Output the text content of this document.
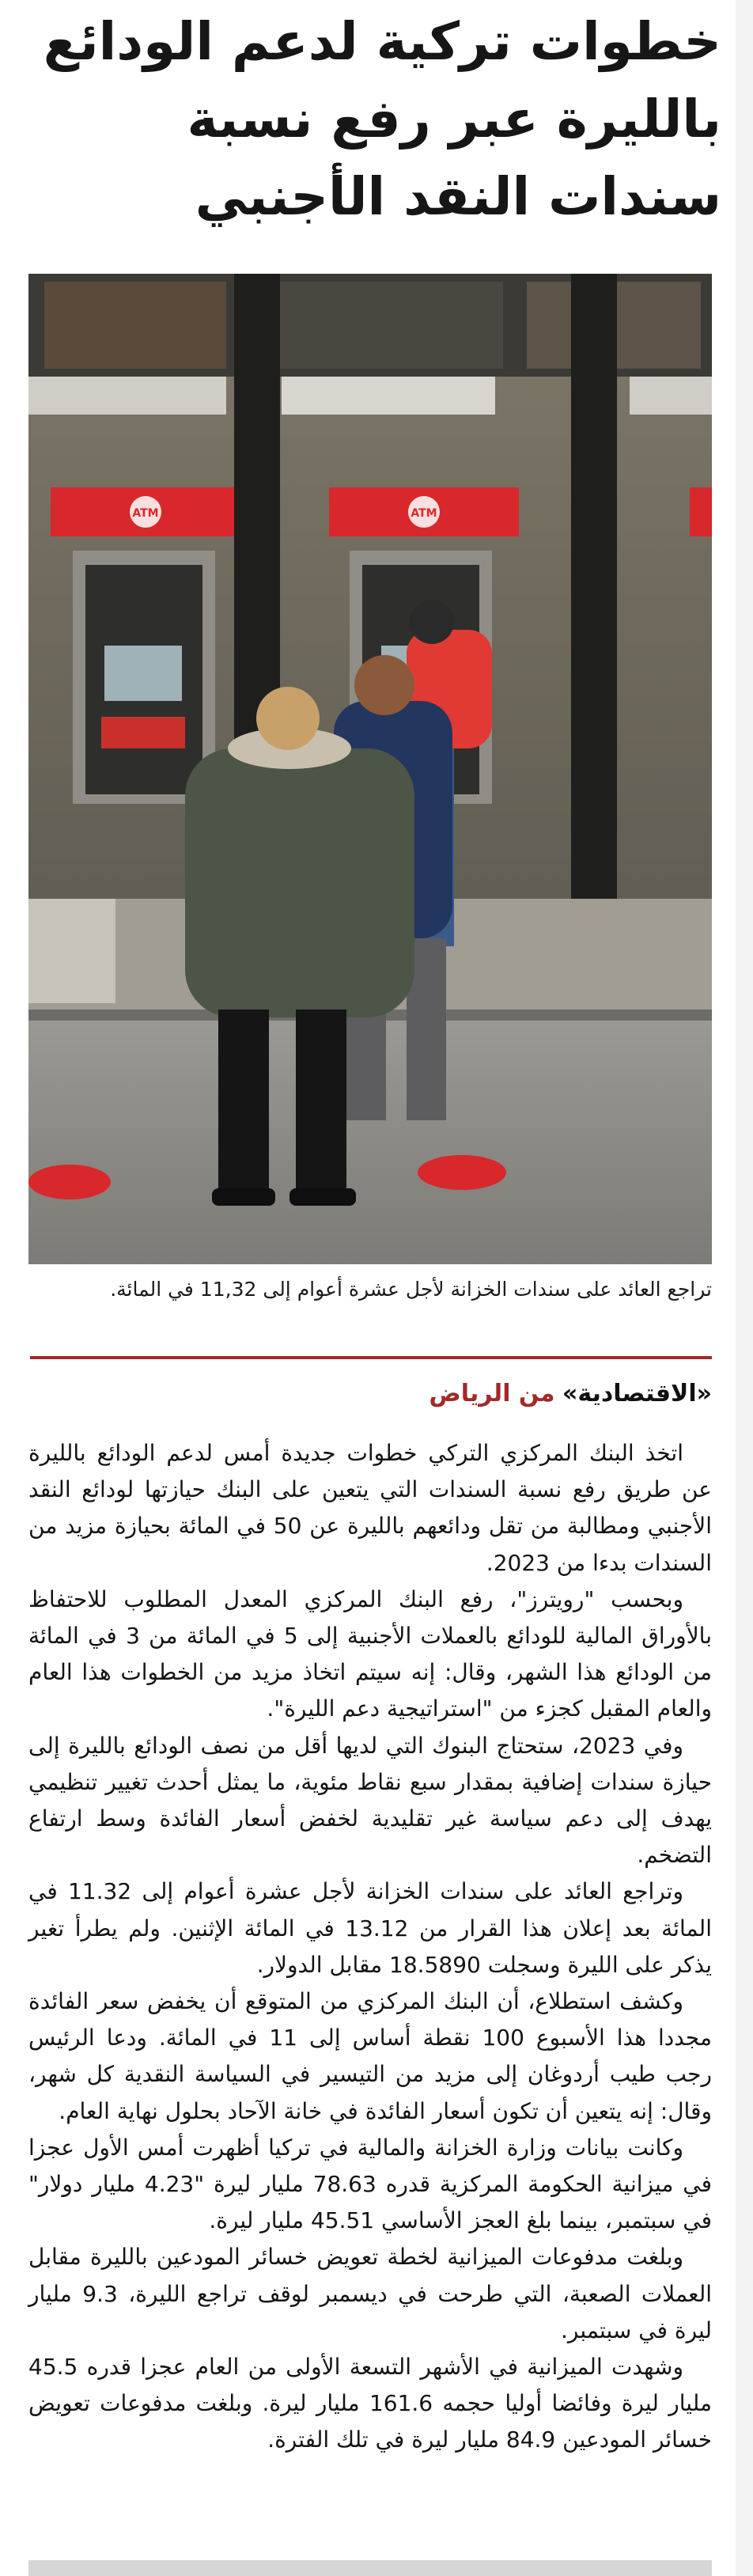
خطوات تركية لدعم الودائع بالليرة عبر رفع نسبة سندات النقد الأجنبي
ATM	ATM

تراجع العائد على سندات الخزانة لأجل عشرة أعوام إلى 11,32 في المائة.

«الاقتصادية» من الرياض

اتخذ البنك المركزي التركي خطوات جديدة أمس لدعم الودائع بالليرة عن طريق رفع نسبة السندات التي يتعين على البنك حيازتها لودائع النقد الأجنبي ومطالبة من تقل ودائعهم بالليرة عن 50 في المائة بحيازة مزيد من السندات بدءا من 2023.

وبحسب "رويترز"، رفع البنك المركزي المعدل المطلوب للاحتفاظ بالأوراق المالية للودائع بالعملات الأجنبية إلى 5 في المائة من 3 في المائة من الودائع هذا الشهر، وقال: إنه سيتم اتخاذ مزيد من الخطوات هذا العام والعام المقبل كجزء من "استراتيجية دعم الليرة".

وفي 2023، ستحتاج البنوك التي لديها أقل من نصف الودائع بالليرة إلى حيازة سندات إضافية بمقدار سبع نقاط مئوية، ما يمثل أحدث تغيير تنظيمي يهدف إلى دعم سياسة غير تقليدية لخفض أسعار الفائدة وسط ارتفاع التضخم.

وتراجع العائد على سندات الخزانة لأجل عشرة أعوام إلى 11.32 في المائة بعد إعلان هذا القرار من 13.12 في المائة الإثنين. ولم يطرأ تغير يذكر على الليرة وسجلت 18.5890 مقابل الدولار.

وكشف استطلاع، أن البنك المركزي من المتوقع أن يخفض سعر الفائدة مجددا هذا الأسبوع 100 نقطة أساس إلى 11 في المائة. ودعا الرئيس رجب طيب أردوغان إلى مزيد من التيسير في السياسة النقدية كل شهر، وقال: إنه يتعين أن تكون أسعار الفائدة في خانة الآحاد بحلول نهاية العام.

وكانت بيانات وزارة الخزانة والمالية في تركيا أظهرت أمس الأول عجزا في ميزانية الحكومة المركزية قدره 78.63 مليار ليرة "4.23 مليار دولار" في سبتمبر، بينما بلغ العجز الأساسي 45.51 مليار ليرة.

وبلغت مدفوعات الميزانية لخطة تعويض خسائر المودعين بالليرة مقابل العملات الصعبة، التي طرحت في ديسمبر لوقف تراجع الليرة، 9.3 مليار ليرة في سبتمبر.

وشهدت الميزانية في الأشهر التسعة الأولى من العام عجزا قدره 45.5 مليار ليرة وفائضا أوليا حجمه 161.6 مليار ليرة. وبلغت مدفوعات تعويض خسائر المودعين 84.9 مليار ليرة في تلك الفترة.
